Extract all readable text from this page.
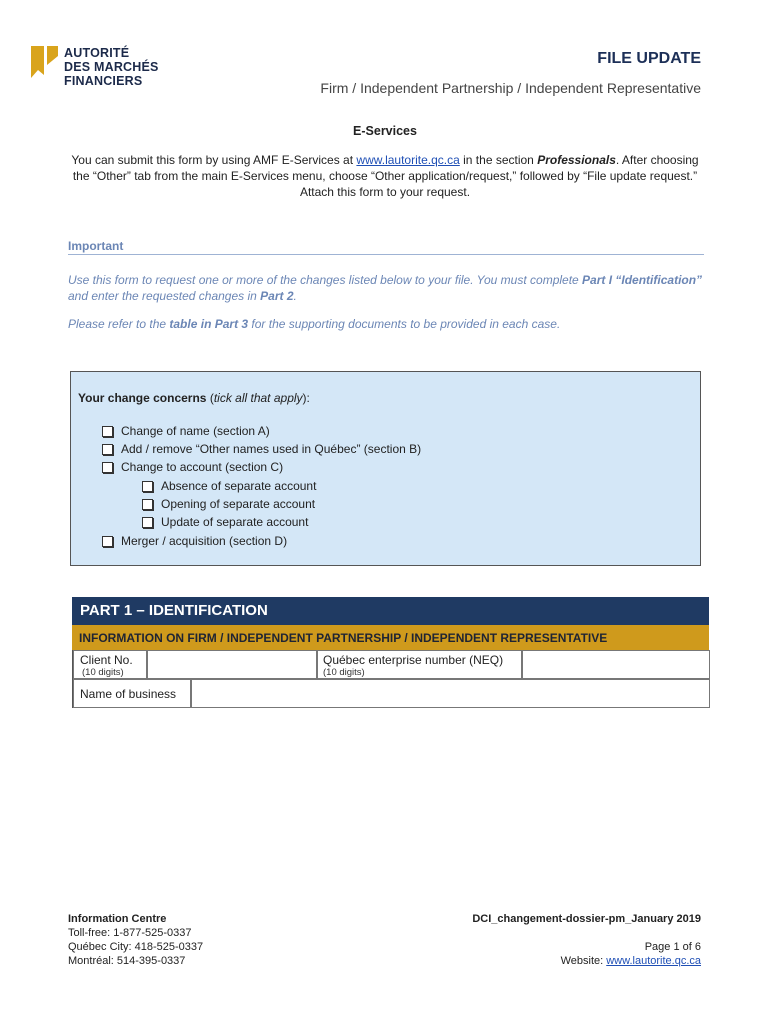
AUTORITÉ
DES MARCHÉS
FINANCIERS
FILE UPDATE
Firm / Independent Partnership / Independent Representative
E-Services
You can submit this form by using AMF E-Services at www.lautorite.qc.ca in the section Professionals. After choosing the “Other” tab from the main E-Services menu, choose “Other application/request,” followed by “File update request.” Attach this form to your request.
Important
Use this form to request one or more of the changes listed below to your file. You must complete Part I “Identification” and enter the requested changes in Part 2.
Please refer to the table in Part 3 for the supporting documents to be provided in each case.
Your change concerns (tick all that apply):
Change of name (section A)
Add / remove “Other names used in Québec” (section B)
Change to account (section C)
Absence of separate account
Opening of separate account
Update of separate account
Merger / acquisition (section D)
PART 1 – IDENTIFICATION
INFORMATION ON FIRM / INDEPENDENT PARTNERSHIP / INDEPENDENT REPRESENTATIVE
Client No.
(10 digits)
Québec enterprise number (NEQ)
(10 digits)
Name of business
Information Centre
Toll-free: 1-877-525-0337
Québec City: 418-525-0337
Montréal: 514-395-0337
DCI_changement-dossier-pm_January 2019
Page 1 of 6
Website: www.lautorite.qc.ca
